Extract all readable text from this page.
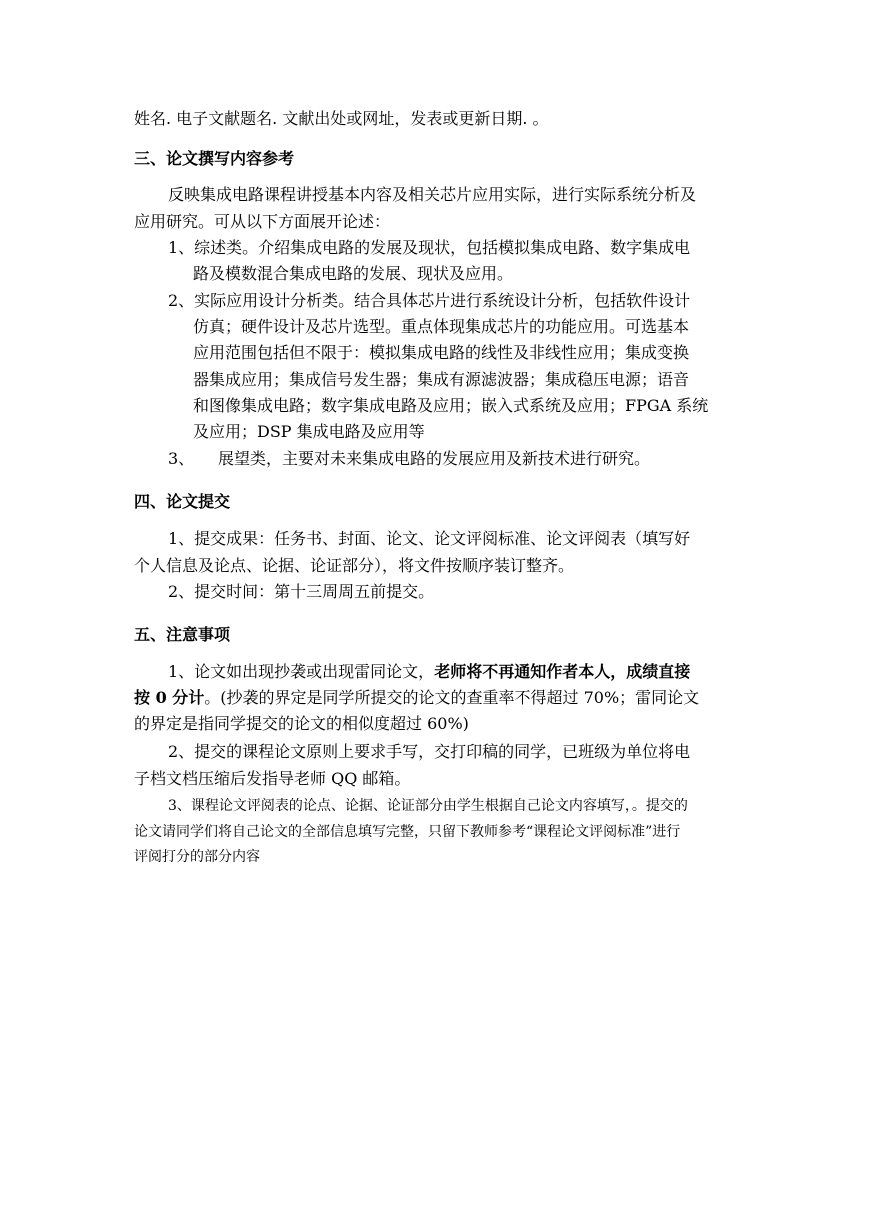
姓名. 电子文献题名. 文献出处或网址，发表或更新日期. 。
三、论文撰写内容参考
反映集成电路课程讲授基本内容及相关芯片应用实际，进行实际系统分析及
应用研究。可从以下方面展开论述：
1、综述类。介绍集成电路的发展及现状，包括模拟集成电路、数字集成电
路及模数混合集成电路的发展、现状及应用。
2、实际应用设计分析类。结合具体芯片进行系统设计分析，包括软件设计
仿真；硬件设计及芯片选型。重点体现集成芯片的功能应用。可选基本
应用范围包括但不限于：模拟集成电路的线性及非线性应用；集成变换
器集成应用；集成信号发生器；集成有源滤波器；集成稳压电源；语音
和图像集成电路；数字集成电路及应用；嵌入式系统及应用；FPGA 系统
及应用；DSP 集成电路及应用等
3、 展望类，主要对未来集成电路的发展应用及新技术进行研究。
四、论文提交
1、提交成果：任务书、封面、论文、论文评阅标准、论文评阅表（填写好
个人信息及论点、论据、论证部分），将文件按顺序装订整齐。
2、提交时间：第十三周周五前提交。
五、注意事项
1、论文如出现抄袭或出现雷同论文，老师将不再通知作者本人，成绩直接
按 0 分计。(抄袭的界定是同学所提交的论文的查重率不得超过 70%；雷同论文
的界定是指同学提交的论文的相似度超过 60%)
2、提交的课程论文原则上要求手写，交打印稿的同学，已班级为单位将电
子档文档压缩后发指导老师 QQ 邮箱。
3、课程论文评阅表的论点、论据、论证部分由学生根据自己论文内容填写，。提交的
论文请同学们将自己论文的全部信息填写完整，只留下教师参考“课程论文评阅标准”进行
评阅打分的部分内容
